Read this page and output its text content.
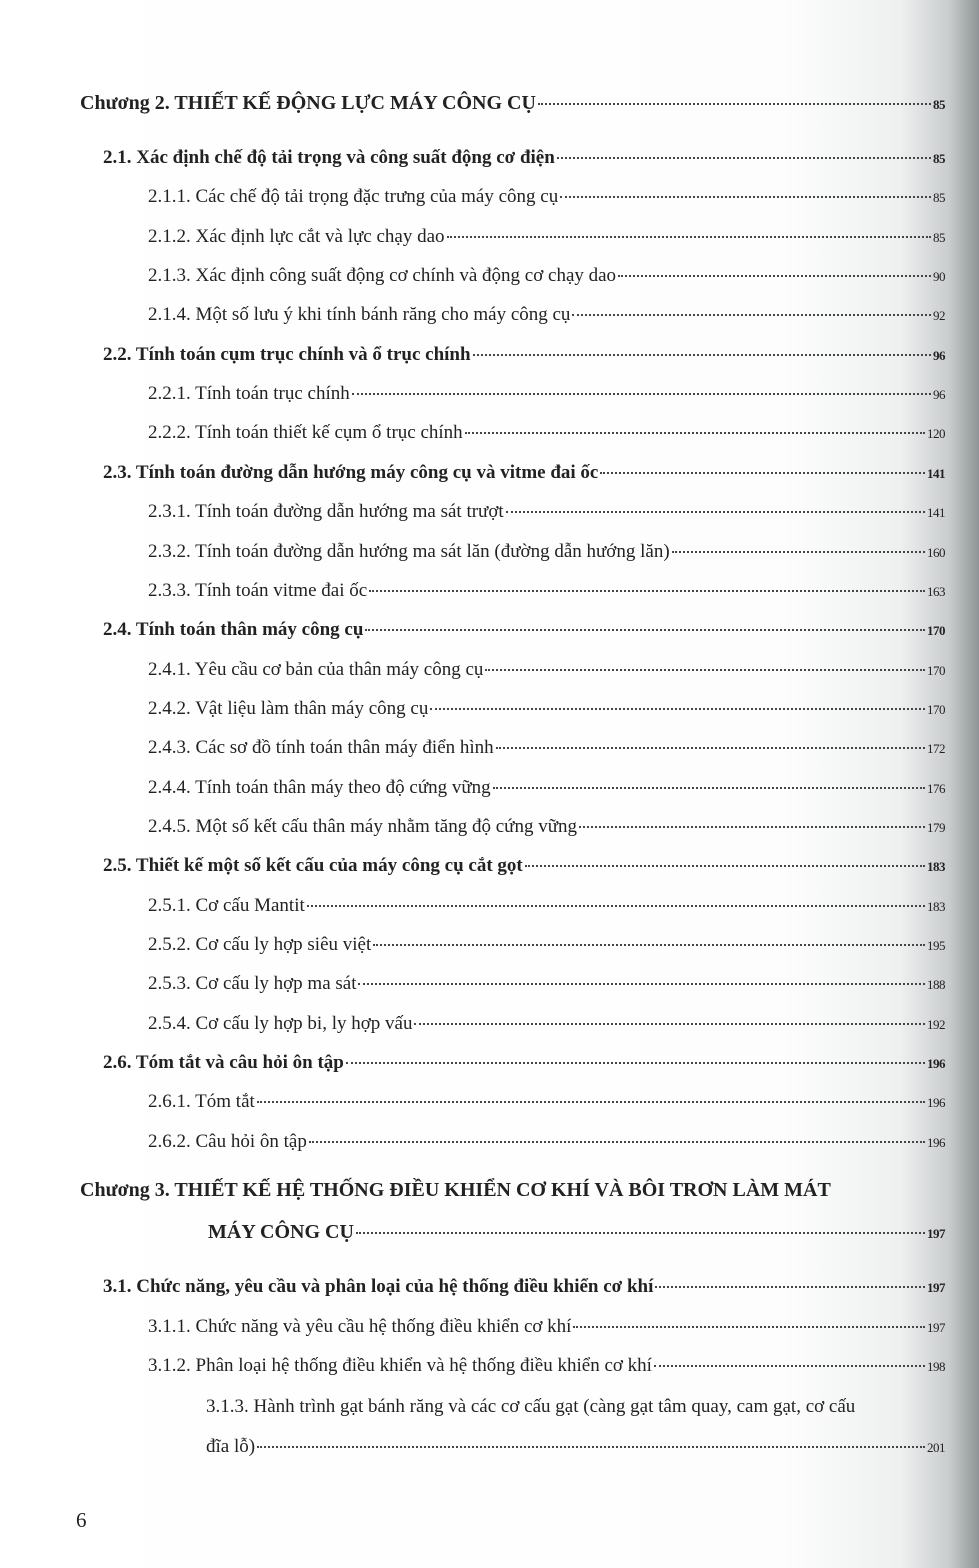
Chương 3. THIẾT KẾ HỆ THỐNG ĐIỀU KHIỂN CƠ KHÍ VÀ BÔI TRƠN LÀM MÁT
MÁY CÔNG CỤ	197
3.1.3. Hành trình gạt bánh răng và các cơ cấu gạt (càng gạt tâm quay, cam gạt, cơ cấu
đĩa lỗ)	201
Chương 2. THIẾT KẾ ĐỘNG LỰC MÁY CÔNG CỤ	85
2.1. Xác định chế độ tải trọng và công suất động cơ điện	85
2.1.1. Các chế độ tải trọng đặc trưng của máy công cụ	85
2.1.2. Xác định lực cắt và lực chạy dao	85
2.1.3. Xác định công suất động cơ chính và động cơ chạy dao	90
2.1.4. Một số lưu ý khi tính bánh răng cho máy công cụ	92
2.2. Tính toán cụm trục chính và ổ trục chính	96
2.2.1. Tính toán trục chính	96
2.2.2. Tính toán thiết kế cụm ổ trục chính	120
2.3. Tính toán đường dẫn hướng máy công cụ và vitme đai ốc	141
2.3.1. Tính toán đường dẫn hướng ma sát trượt	141
2.3.2. Tính toán đường dẫn hướng ma sát lăn (đường dẫn hướng lăn)	160
2.3.3. Tính toán vitme đai ốc	163
2.4. Tính toán thân máy công cụ	170
2.4.1. Yêu cầu cơ bản của thân máy công cụ	170
2.4.2. Vật liệu làm thân máy công cụ	170
2.4.3. Các sơ đồ tính toán thân máy điển hình	172
2.4.4. Tính toán thân máy theo độ cứng vững	176
2.4.5. Một số kết cấu thân máy nhằm tăng độ cứng vững	179
2.5. Thiết kế một số kết cấu của máy công cụ cắt gọt	183
2.5.1. Cơ cấu Mantit	183
2.5.2. Cơ cấu ly hợp siêu việt	195
2.5.3. Cơ cấu ly hợp ma sát	188
2.5.4. Cơ cấu ly hợp bi, ly hợp vấu	192
2.6. Tóm tắt và câu hỏi ôn tập	196
2.6.1. Tóm tắt	196
2.6.2. Câu hỏi ôn tập	196
3.1. Chức năng, yêu cầu và phân loại của hệ thống điều khiển cơ khí	197
3.1.1. Chức năng và yêu cầu hệ thống điều khiển cơ khí	197
3.1.2. Phân loại hệ thống điều khiển và hệ thống điều khiển cơ khí	198
6
